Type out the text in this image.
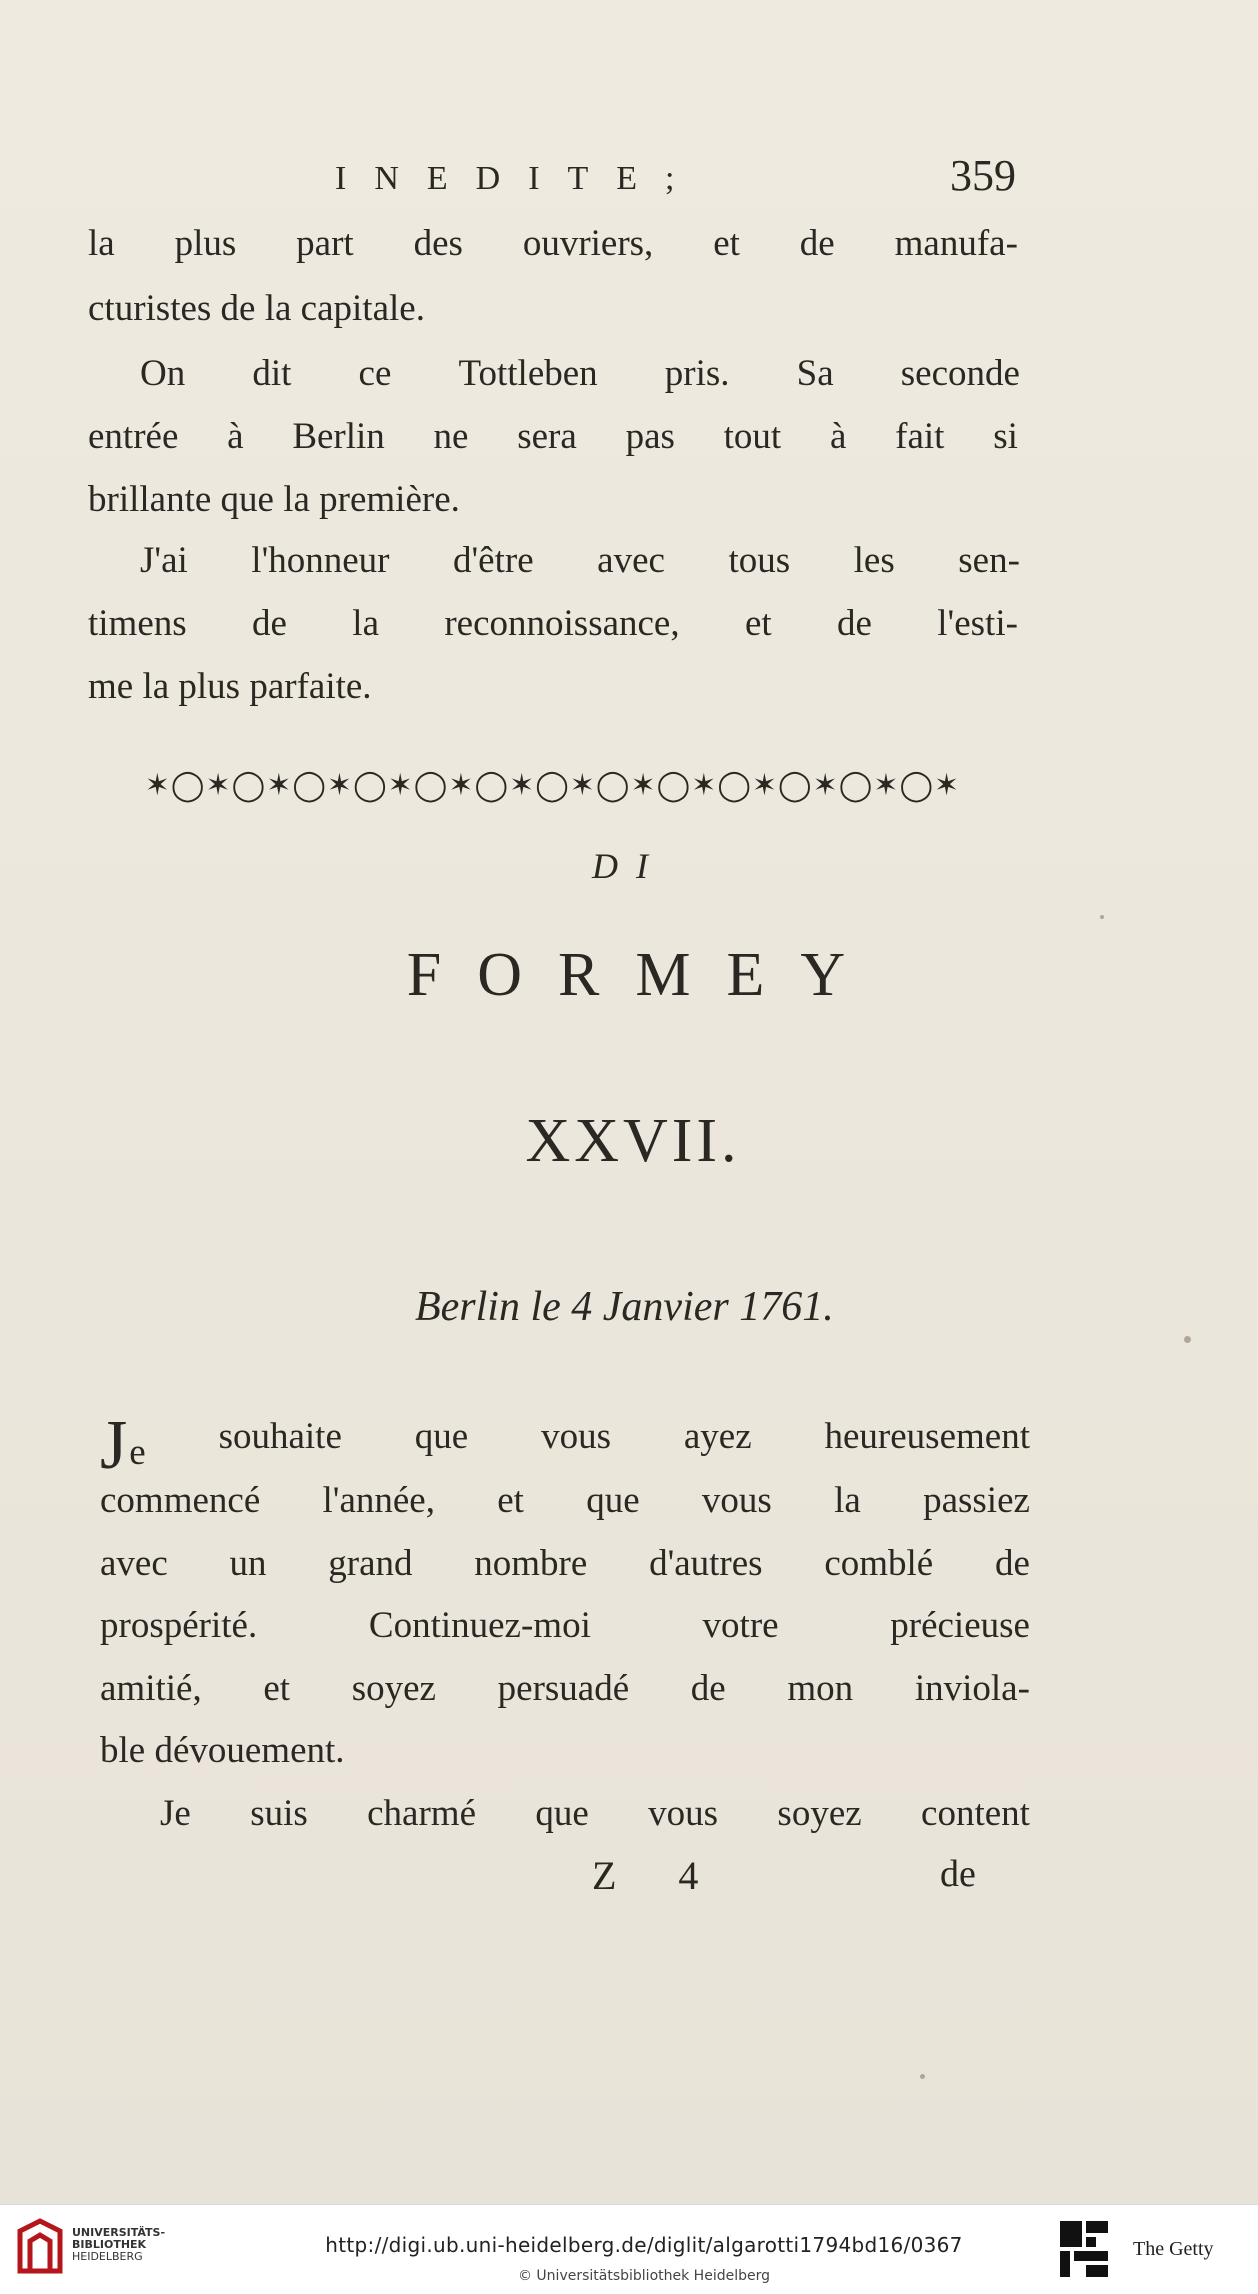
INEDITE;	359
la plus part des ouvriers, et de manufa-
cturistes de la capitale.
On dit ce Tottleben pris. Sa seconde
entrée à Berlin ne sera pas tout à fait si
brillante que la première.
J'ai l'honneur d'être avec tous les sen-
timens de la reconnoissance, et de l'esti-
me la plus parfaite.
✶◯✶◯✶◯✶◯✶◯✶◯✶◯✶◯✶◯✶◯✶◯✶◯✶◯✶
DI
FORMEY
XXVII.
Berlin le 4 Janvier 1761.
Je souhaite que vous ayez heureusement
commencé l'année, et que vous la passiez
avec un grand nombre d'autres comblé de
prospérité.	Continuez-moi	votre	précieuse
amitié, et soyez persuadé de mon inviola-
ble dévouement.
Je suis charmé que vous soyez content
Z 4	de
UNIVERSITÄTS-
BIBLIOTHEK
HEIDELBERG	http://digi.ub.uni-heidelberg.de/diglit/algarotti1794bd16/0367
© Universitätsbibliothek Heidelberg
The Getty
